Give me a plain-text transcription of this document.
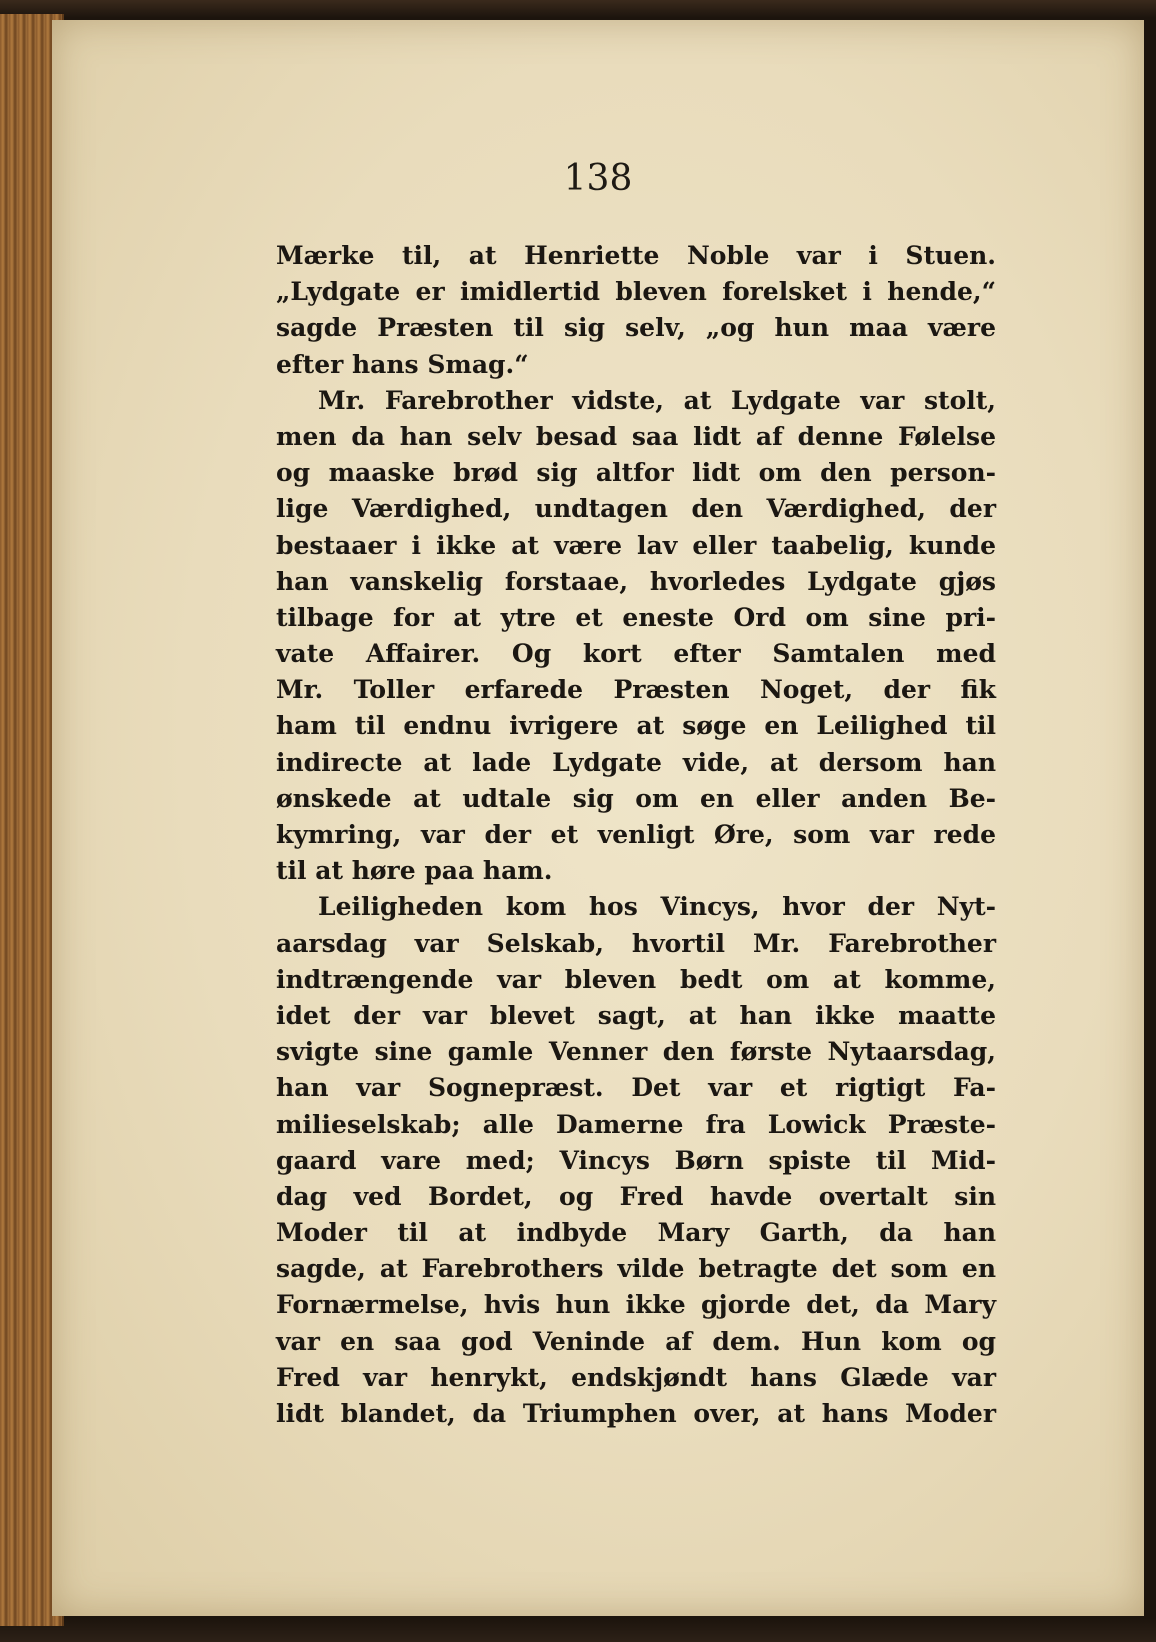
138
Mærke til, at Henriette Noble var i Stuen.
„Lydgate er imidlertid bleven forelsket i hende,“
sagde Præsten til sig selv, „og hun maa være
efter hans Smag.“
Mr. Farebrother vidste, at Lydgate var stolt,
men da han selv besad saa lidt af denne Følelse
og maaske brød sig altfor lidt om den person-
lige Værdighed, undtagen den Værdighed, der
bestaaer i ikke at være lav eller taabelig, kunde
han vanskelig forstaae, hvorledes Lydgate gjøs
tilbage for at ytre et eneste Ord om sine pri-
vate Affairer. Og kort efter Samtalen med
Mr. Toller erfarede Præsten Noget, der fik
ham til endnu ivrigere at søge en Leilighed til
indirecte at lade Lydgate vide, at dersom han
ønskede at udtale sig om en eller anden Be-
kymring, var der et venligt Øre, som var rede
til at høre paa ham.
Leiligheden kom hos Vincys, hvor der Nyt-
aarsdag var Selskab, hvortil Mr. Farebrother
indtrængende var bleven bedt om at komme,
idet der var blevet sagt, at han ikke maatte
svigte sine gamle Venner den første Nytaarsdag,
han var Sognepræst. Det var et rigtigt Fa-
milieselskab; alle Damerne fra Lowick Præste-
gaard vare med; Vincys Børn spiste til Mid-
dag ved Bordet, og Fred havde overtalt sin
Moder til at indbyde Mary Garth, da han
sagde, at Farebrothers vilde betragte det som en
Fornærmelse, hvis hun ikke gjorde det, da Mary
var en saa god Veninde af dem. Hun kom og
Fred var henrykt, endskjøndt hans Glæde var
lidt blandet, da Triumphen over, at hans Moder
